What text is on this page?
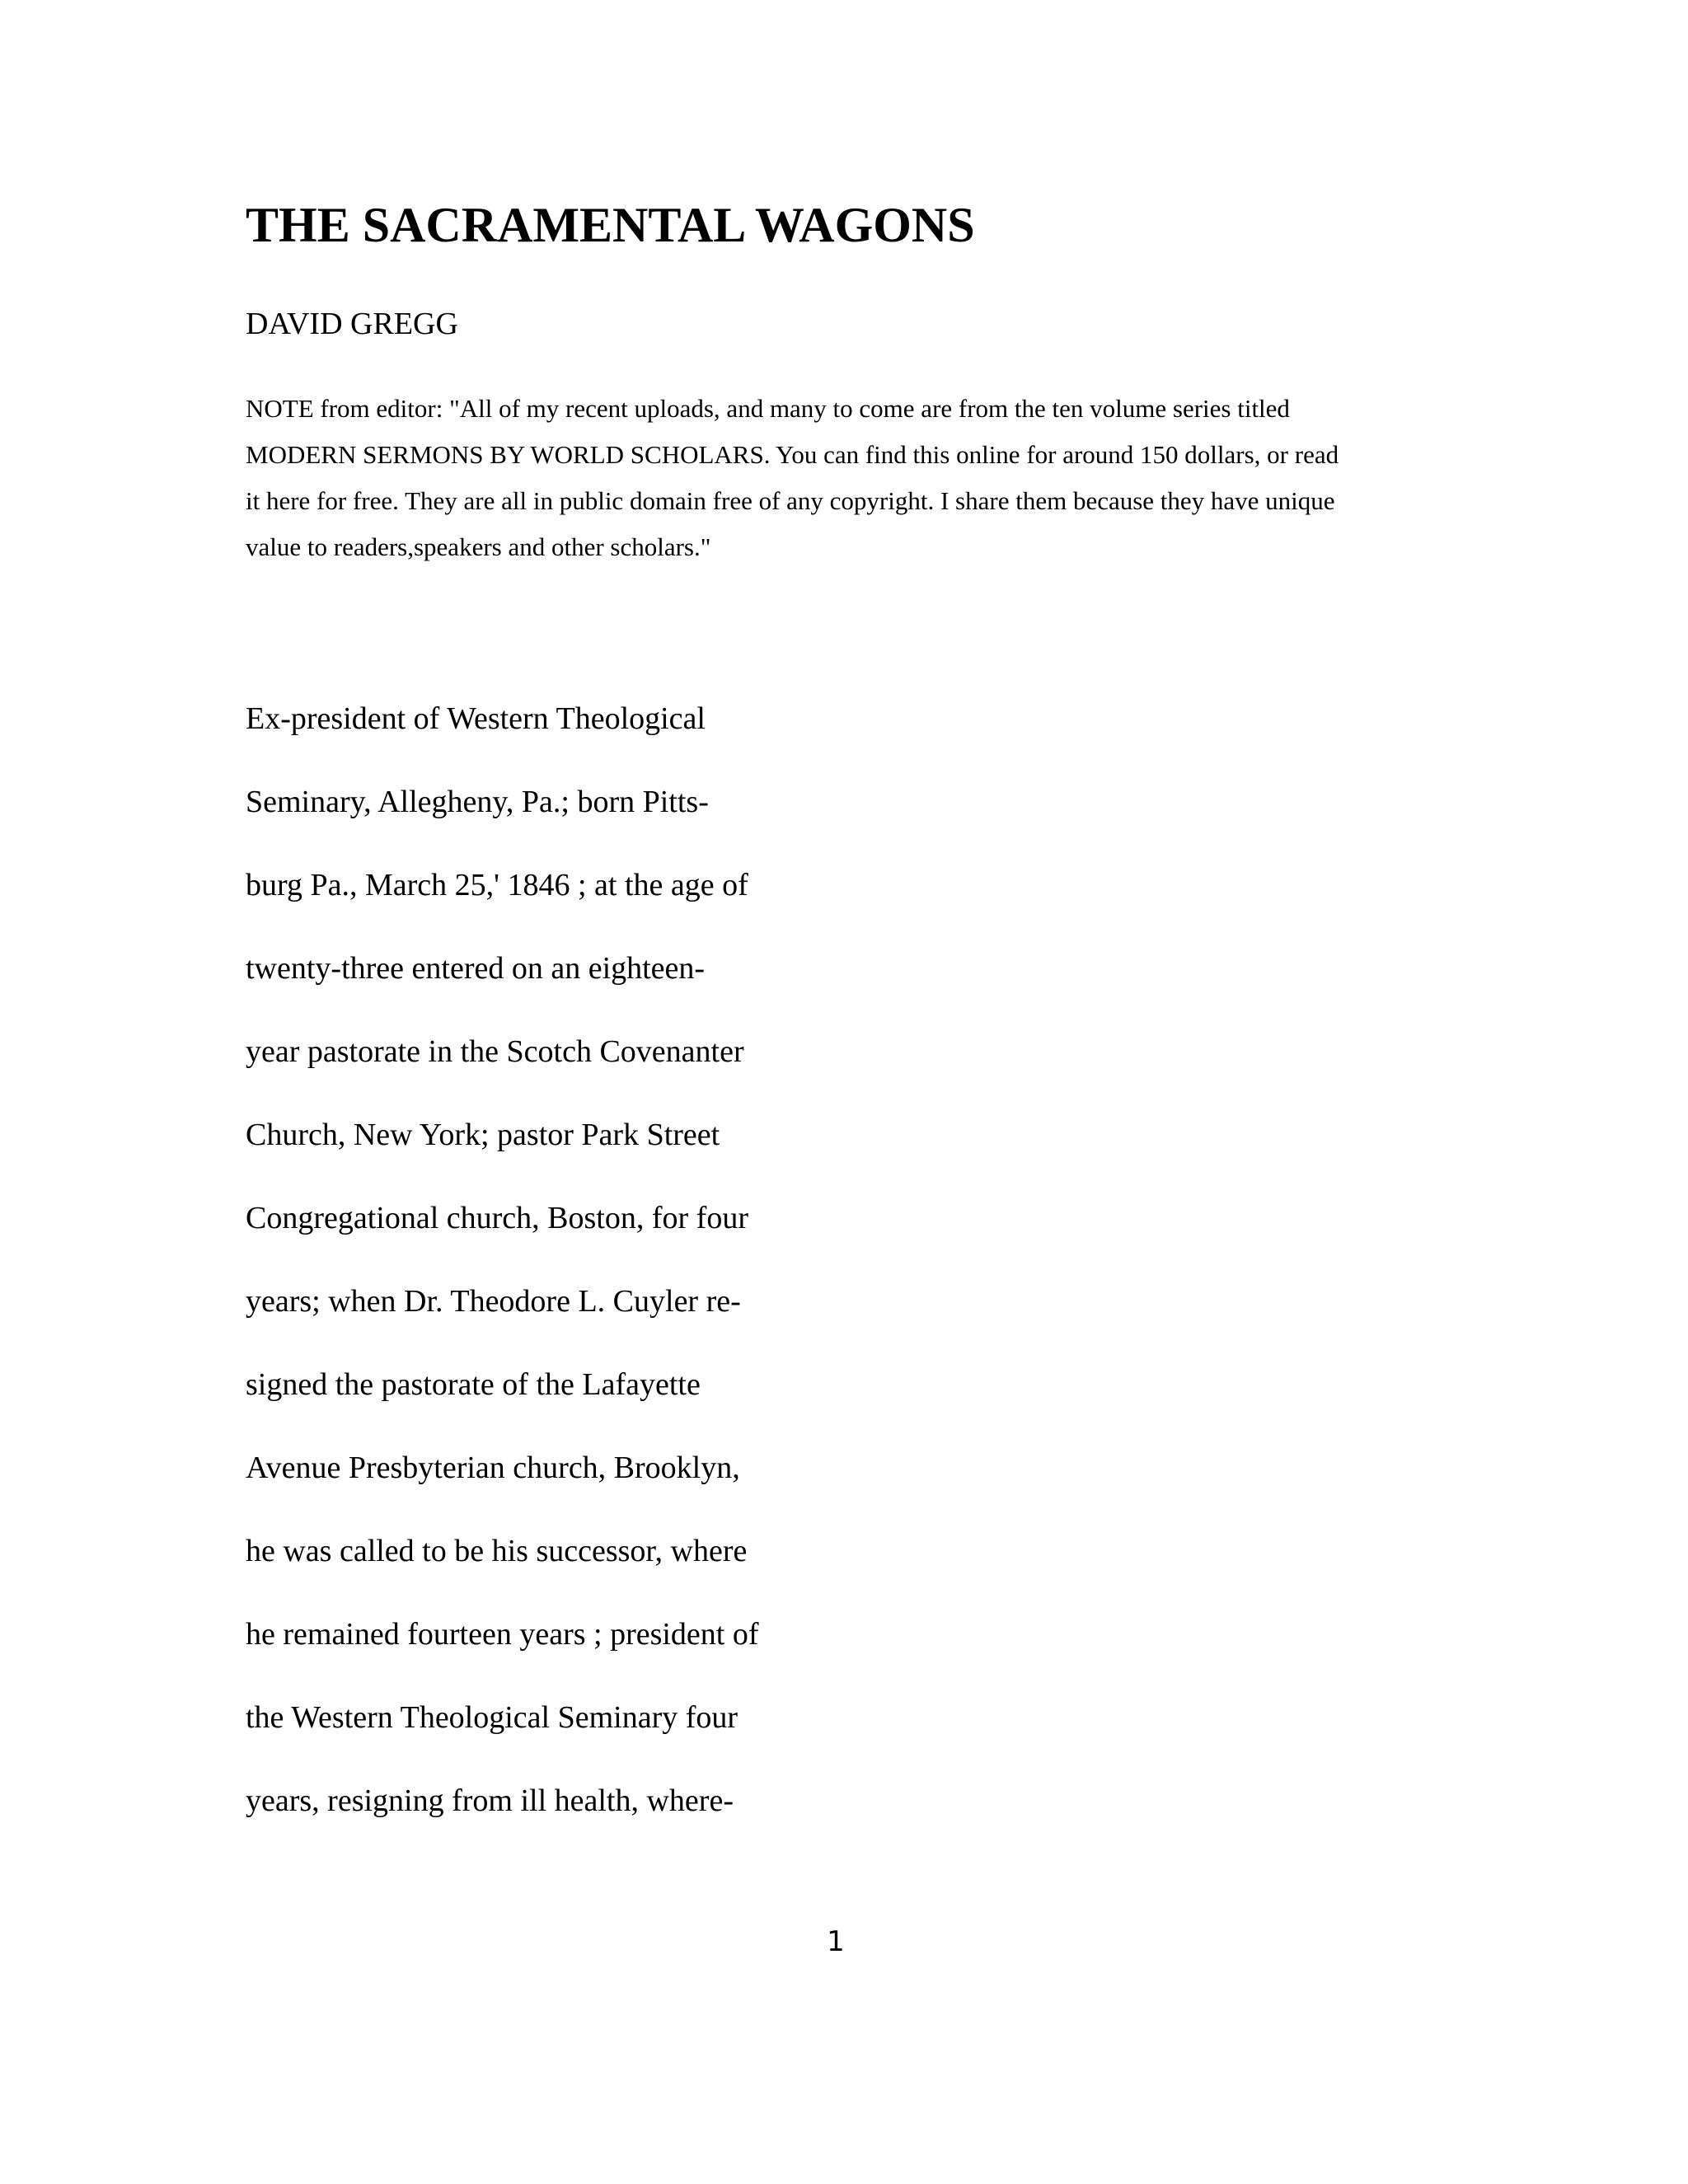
THE SACRAMENTAL WAGONS
DAVID GREGG

NOTE from editor: "All of my recent uploads, and many to come are from the ten volume series titled
MODERN SERMONS BY WORLD SCHOLARS. You can find this online for around 150 dollars, or read
it here for free. They are all in public domain free of any copyright. I share them because they have unique
value to readers,speakers and other scholars."

Ex-president of Western Theological
Seminary, Allegheny, Pa.; born Pitts-
burg Pa., March 25,' 1846 ; at the age of
twenty-three entered on an eighteen-
year pastorate in the Scotch Covenanter
Church, New York; pastor Park Street
Congregational church, Boston, for four
years; when Dr. Theodore L. Cuyler re-
signed the pastorate of the Lafayette
Avenue Presbyterian church, Brooklyn,
he was called to be his successor, where
he remained fourteen years ; president of
the Western Theological Seminary four
years, resigning from ill health, where-
1
